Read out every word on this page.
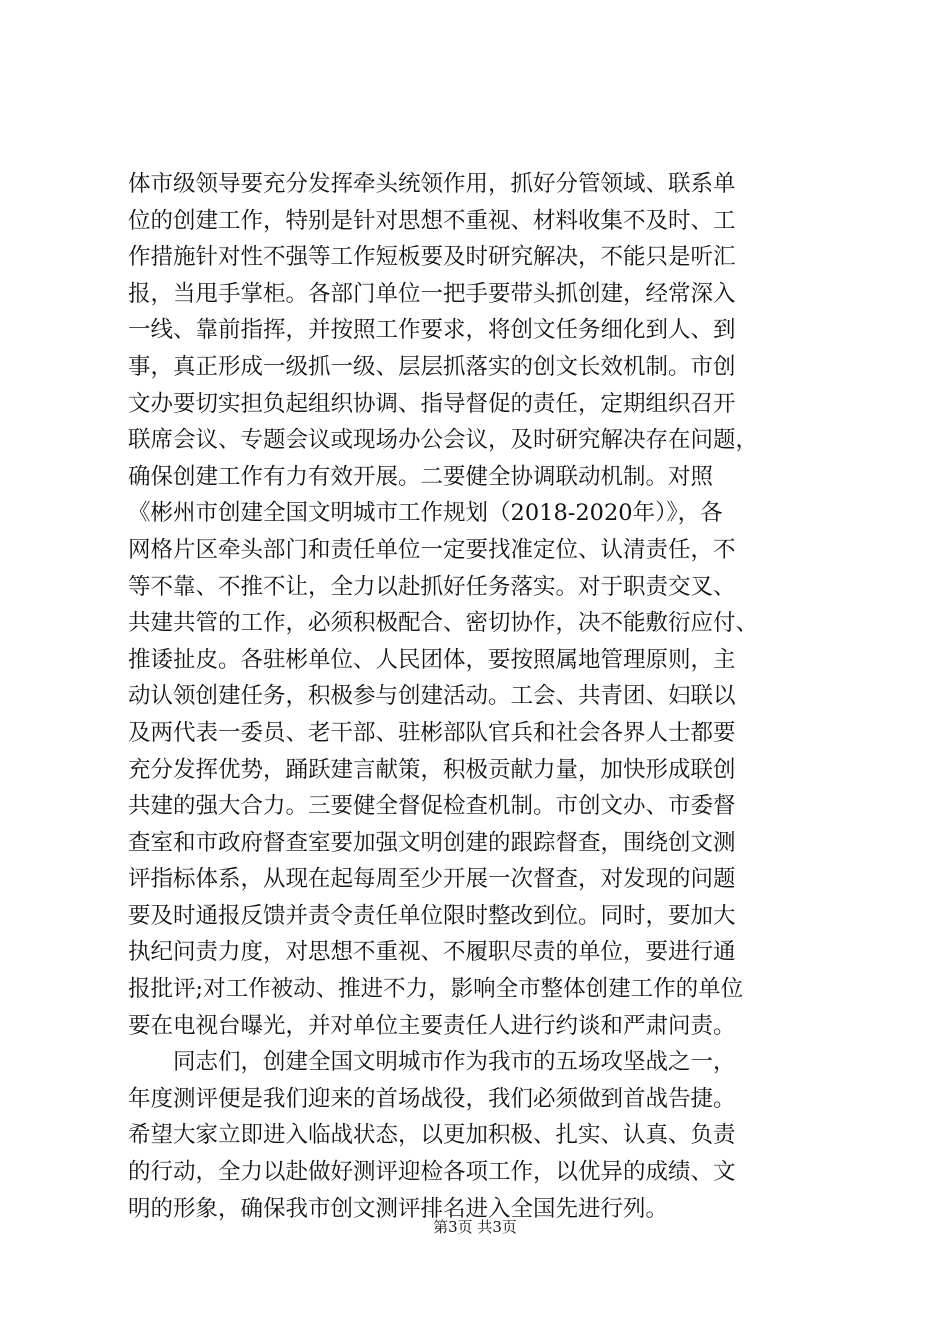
体市级领导要充分发挥牵头统领作用，抓好分管领域、联系单
位的创建工作，特别是针对思想不重视、材料收集不及时、工
作措施针对性不强等工作短板要及时研究解决，不能只是听汇
报，当甩手掌柜。各部门单位一把手要带头抓创建，经常深入
一线、靠前指挥，并按照工作要求，将创文任务细化到人、到
事，真正形成一级抓一级、层层抓落实的创文长效机制。市创
文办要切实担负起组织协调、指导督促的责任，定期组织召开
联席会议、专题会议或现场办公会议，及时研究解决存在问题，
确保创建工作有力有效开展。二要健全协调联动机制。对照
《彬州市创建全国文明城市工作规划（2018-2020年）》，各
网格片区牵头部门和责任单位一定要找准定位、认清责任，不
等不靠、不推不让，全力以赴抓好任务落实。对于职责交叉、
共建共管的工作，必须积极配合、密切协作，决不能敷衍应付、
推诿扯皮。各驻彬单位、人民团体，要按照属地管理原则，主
动认领创建任务，积极参与创建活动。工会、共青团、妇联以
及两代表一委员、老干部、驻彬部队官兵和社会各界人士都要
充分发挥优势，踊跃建言献策，积极贡献力量，加快形成联创
共建的强大合力。三要健全督促检查机制。市创文办、市委督
查室和市政府督查室要加强文明创建的跟踪督查，围绕创文测
评指标体系，从现在起每周至少开展一次督查，对发现的问题
要及时通报反馈并责令责任单位限时整改到位。同时，要加大
执纪问责力度，对思想不重视、不履职尽责的单位，要进行通
报批评;对工作被动、推进不力，影响全市整体创建工作的单位
要在电视台曝光，并对单位主要责任人进行约谈和严肃问责。
　　同志们，创建全国文明城市作为我市的五场攻坚战之一，
年度测评便是我们迎来的首场战役，我们必须做到首战告捷。
希望大家立即进入临战状态，以更加积极、扎实、认真、负责
的行动，全力以赴做好测评迎检各项工作，以优异的成绩、文
明的形象，确保我市创文测评排名进入全国先进行列。
第3页 共3页
